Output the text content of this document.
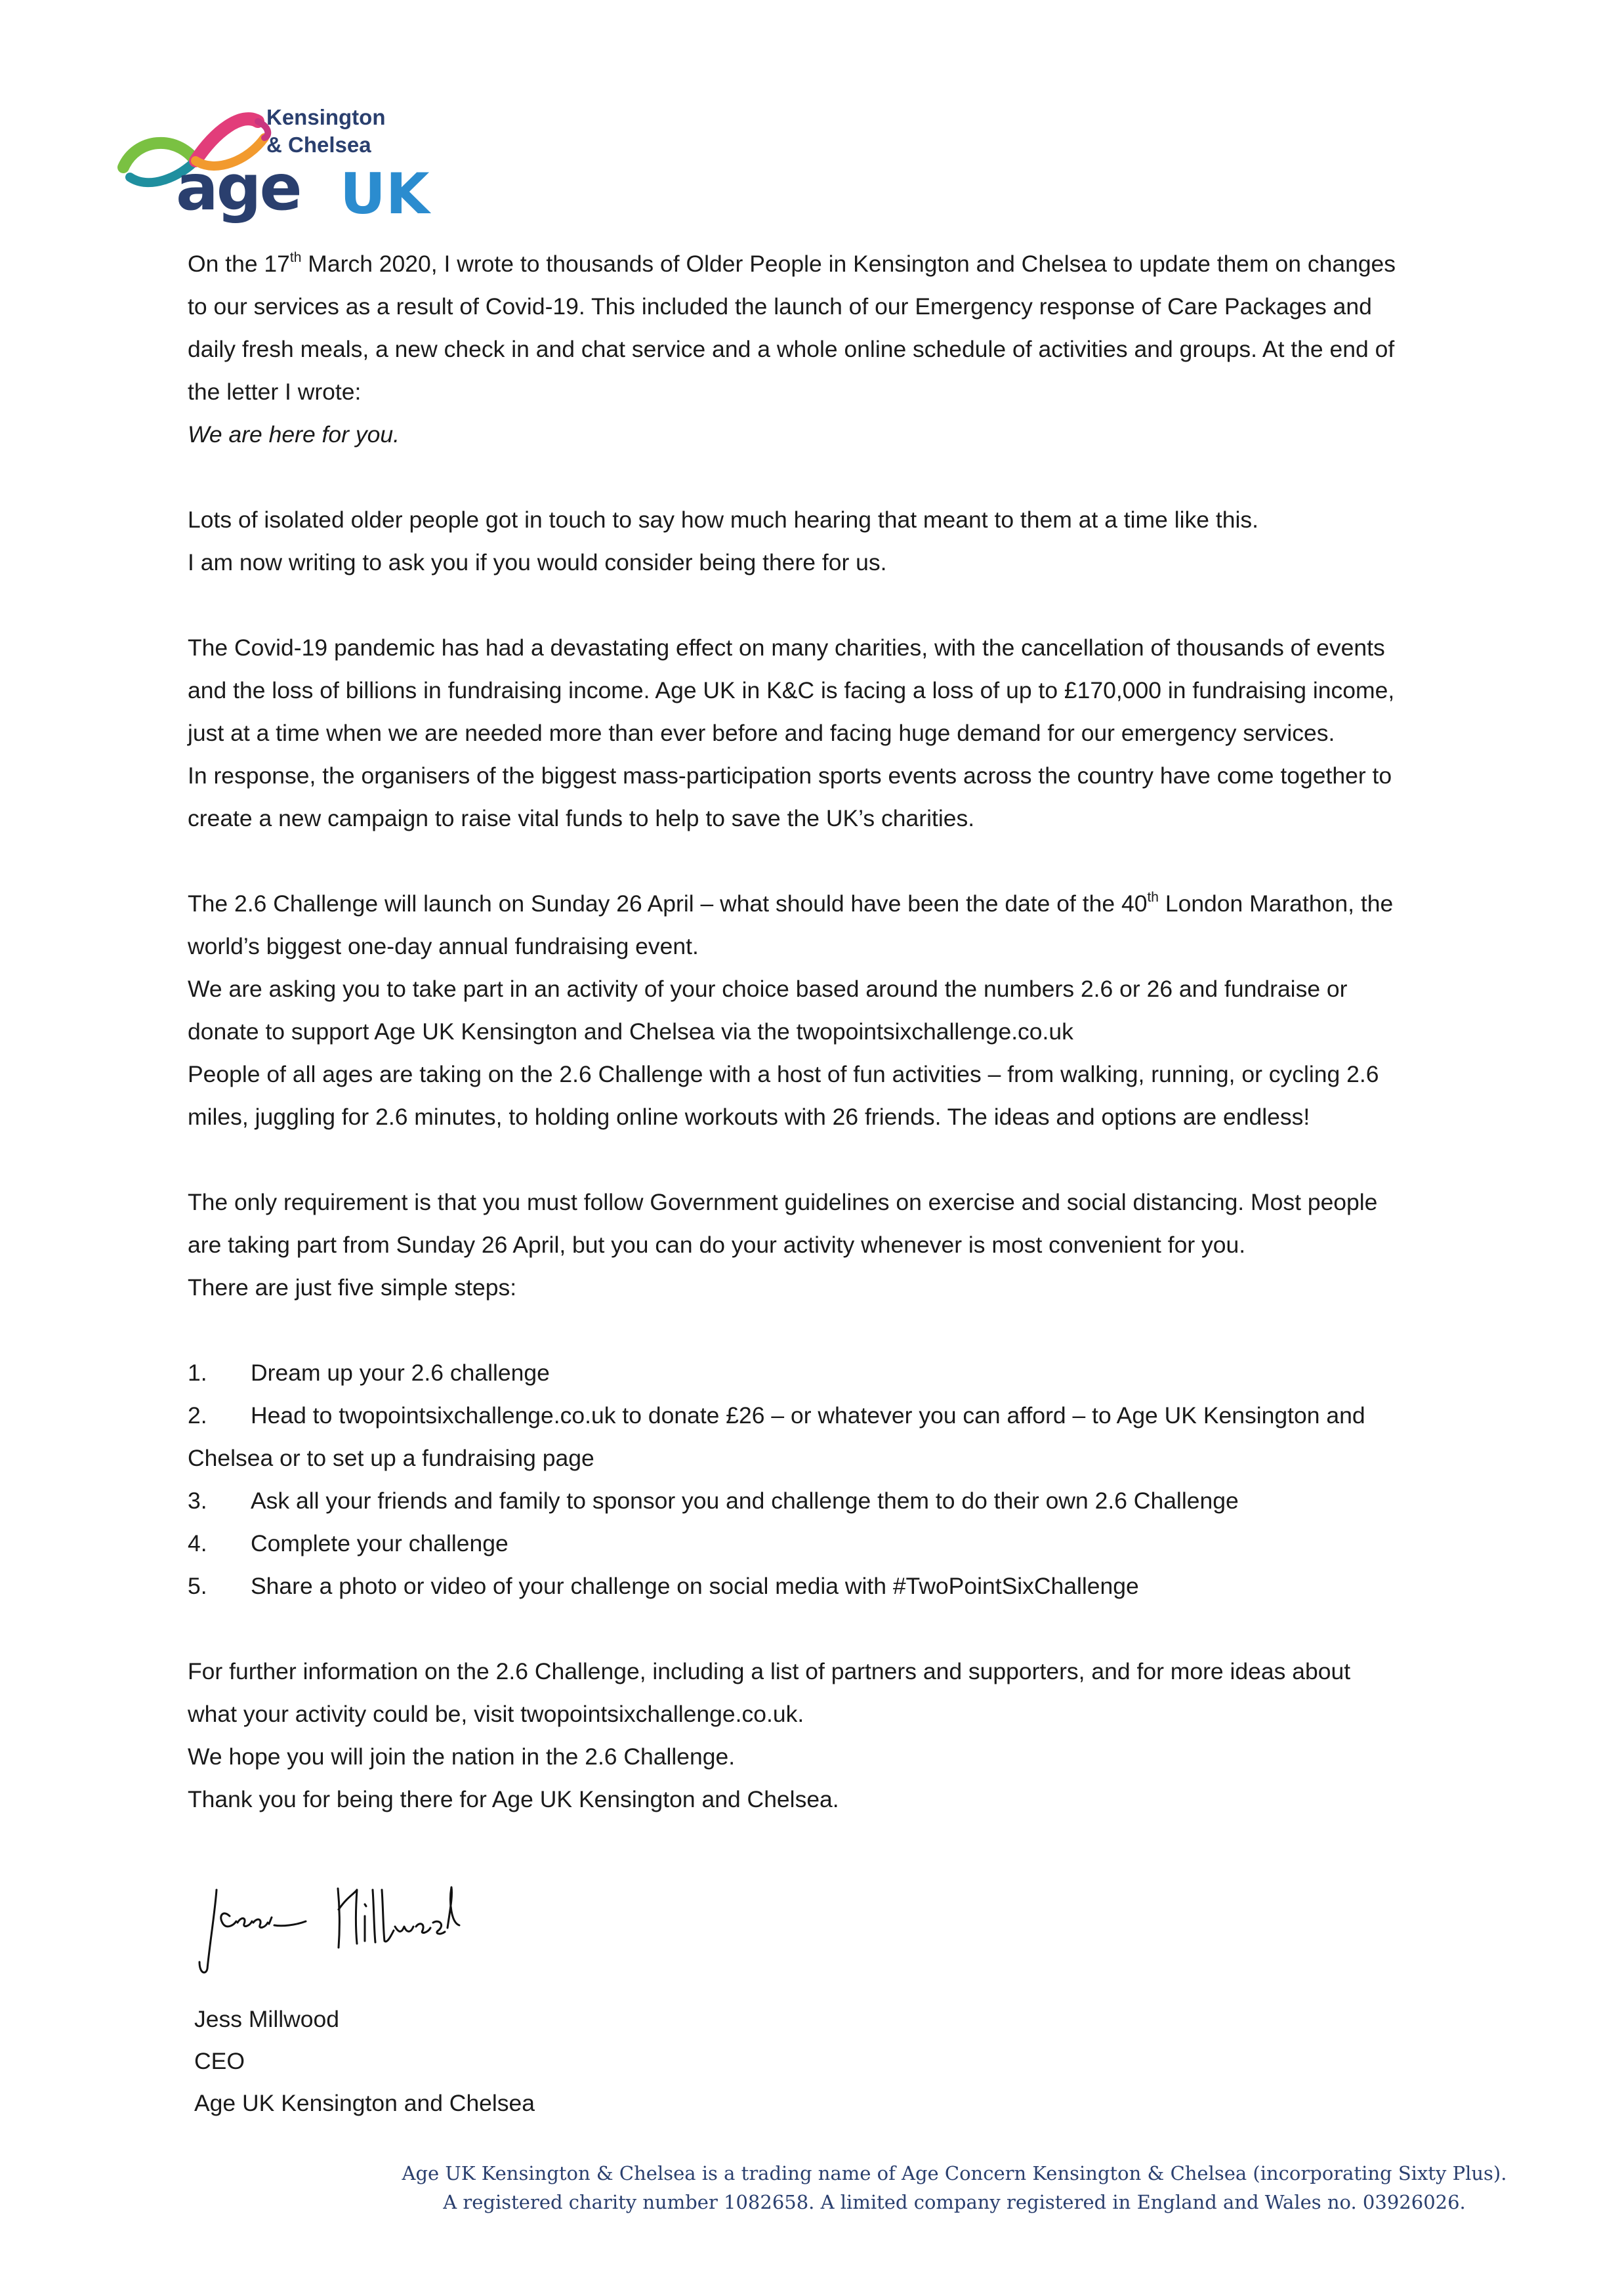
Kensington
& Chelsea
age UK

On the 17th March 2020, I wrote to thousands of Older People in Kensington and Chelsea to update them on changes
to our services as a result of Covid-19. This included the launch of our Emergency response of Care Packages and
daily fresh meals, a new check in and chat service and a whole online schedule of activities and groups. At the end of
the letter I wrote:
We are here for you.

Lots of isolated older people got in touch to say how much hearing that meant to them at a time like this.
I am now writing to ask you if you would consider being there for us.

The Covid-19 pandemic has had a devastating effect on many charities, with the cancellation of thousands of events
and the loss of billions in fundraising income. Age UK in K&C is facing a loss of up to £170,000 in fundraising income,
just at a time when we are needed more than ever before and facing huge demand for our emergency services.
In response, the organisers of the biggest mass-participation sports events across the country have come together to
create a new campaign to raise vital funds to help to save the UK’s charities.

The 2.6 Challenge will launch on Sunday 26 April – what should have been the date of the 40th London Marathon, the
world’s biggest one-day annual fundraising event.
We are asking you to take part in an activity of your choice based around the numbers 2.6 or 26 and fundraise or
donate to support Age UK Kensington and Chelsea via the twopointsixchallenge.co.uk
People of all ages are taking on the 2.6 Challenge with a host of fun activities – from walking, running, or cycling 2.6
miles, juggling for 2.6 minutes, to holding online workouts with 26 friends. The ideas and options are endless!

The only requirement is that you must follow Government guidelines on exercise and social distancing. Most people
are taking part from Sunday 26 April, but you can do your activity whenever is most convenient for you.
There are just five simple steps:

1. Dream up your 2.6 challenge
2. Head to twopointsixchallenge.co.uk to donate £26 – or whatever you can afford – to Age UK Kensington and
Chelsea or to set up a fundraising page
3. Ask all your friends and family to sponsor you and challenge them to do their own 2.6 Challenge
4. Complete your challenge
5. Share a photo or video of your challenge on social media with #TwoPointSixChallenge

For further information on the 2.6 Challenge, including a list of partners and supporters, and for more ideas about
what your activity could be, visit twopointsixchallenge.co.uk.
We hope you will join the nation in the 2.6 Challenge.
Thank you for being there for Age UK Kensington and Chelsea.

Jess Millwood
CEO
Age UK Kensington and Chelsea
Age UK Kensington & Chelsea is a trading name of Age Concern Kensington & Chelsea (incorporating Sixty Plus).
A registered charity number 1082658. A limited company registered in England and Wales no. 03926026.
